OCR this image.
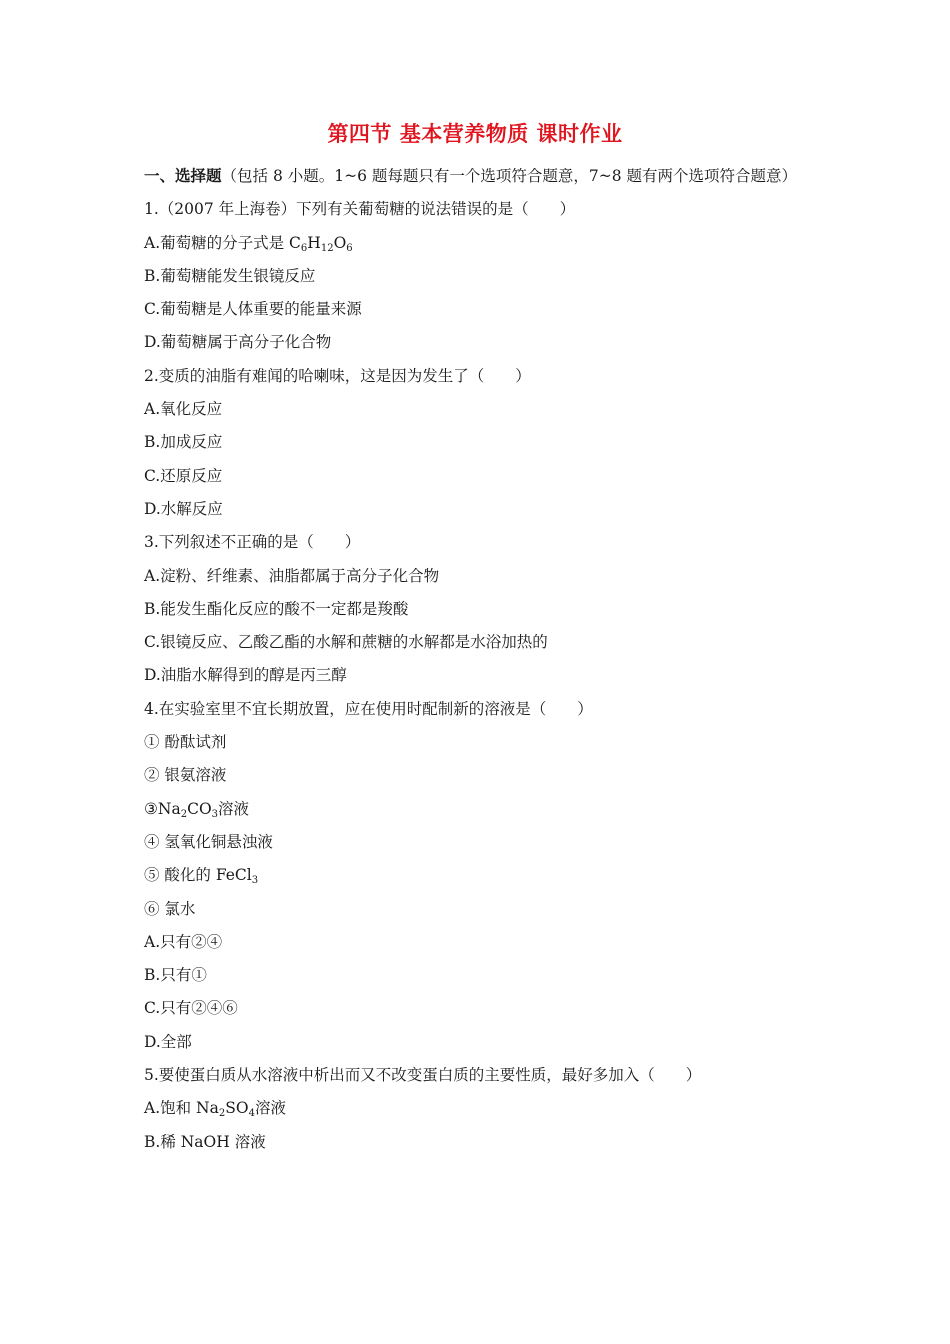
第四节 基本营养物质 课时作业
一、选择题（包括 8 小题。1~6 题每题只有一个选项符合题意，7~8 题有两个选项符合题意）
1.（2007 年上海卷）下列有关葡萄糖的说法错误的是（　　）
A.葡萄糖的分子式是 $C_6H_{12}O_6$
B.葡萄糖能发生银镜反应
C.葡萄糖是人体重要的能量来源
D.葡萄糖属于高分子化合物
2.变质的油脂有难闻的哈喇味，这是因为发生了（　　）
A.氧化反应
B.加成反应
C.还原反应
D.水解反应
3.下列叙述不正确的是（　　）
A.淀粉、纤维素、油脂都属于高分子化合物
B.能发生酯化反应的酸不一定都是羧酸
C.银镜反应、乙酸乙酯的水解和蔗糖的水解都是水浴加热的
D.油脂水解得到的醇是丙三醇
4.在实验室里不宜长期放置，应在使用时配制新的溶液是（　　）
① 酚酞试剂
② 银氨溶液
$③Na_2CO_3$溶液
④ 氢氧化铜悬浊液
⑤ 酸化的 FeCl$_3$
⑥ 氯水
A.只有②④
B.只有①
C.只有②④⑥
D.全部
5.要使蛋白质从水溶液中析出而又不改变蛋白质的主要性质，最好多加入（　　）
A.饱和 $Na_2SO_4$溶液
B.稀 NaOH 溶液
